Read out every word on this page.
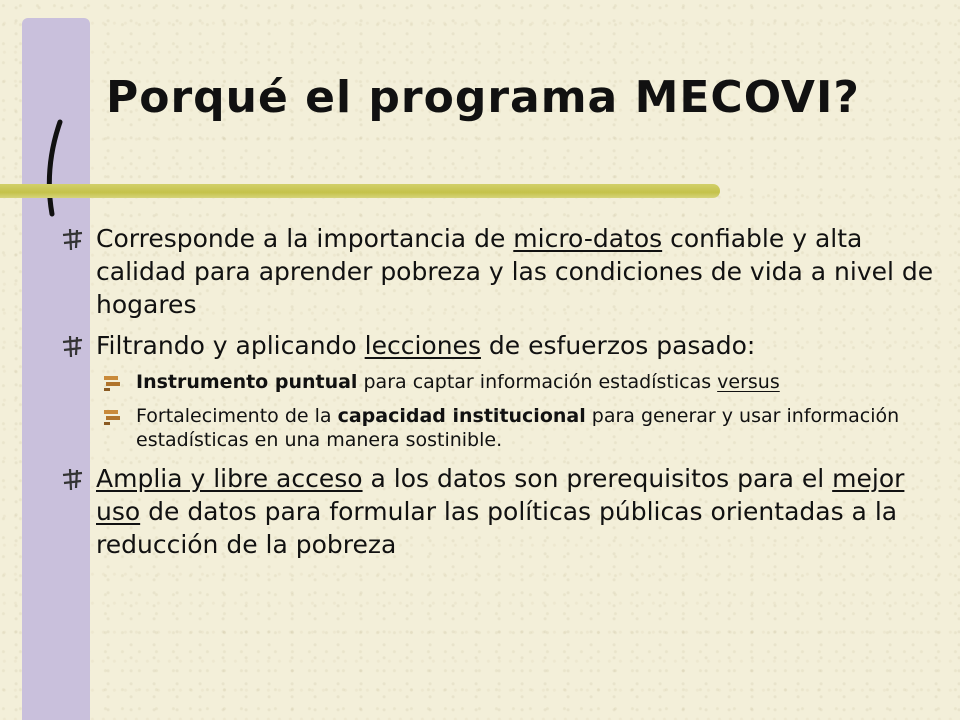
Porqué el programa MECOVI?
Corresponde a la importancia de micro-datos confiable y alta calidad para aprender pobreza y las condiciones de vida a nivel de hogares
Filtrando y aplicando lecciones de esfuerzos pasado:
Instrumento puntual para captar información estadísticas versus
Fortalecimento de la capacidad institucional para generar y usar información estadísticas en una manera sostinible.
Amplia y libre acceso a los datos son prerequisitos para el mejor uso de datos para formular las políticas públicas orientadas a la reducción de la pobreza
